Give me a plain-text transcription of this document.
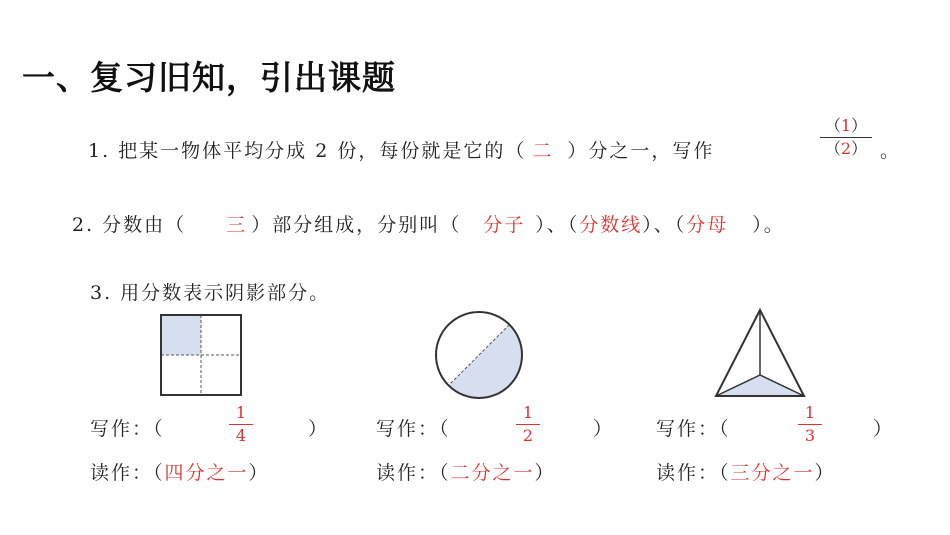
一、复习旧知，引出课题
1. 把某一物体平均分成 2 份，每份就是它的（ 二 ）分之一，写作
（1）
（2） 。
2. 分数由（ 三 ）部分组成，分别叫（ 分子 ）、（分数线）、（分母 ）。
3. 用分数表示阴影部分。
写作：（
1
4	）
读作：（四分之一）
写作：（
1
2	）
读作：（二分之一）
写作：（
1
3	）
读作：（三分之一）
